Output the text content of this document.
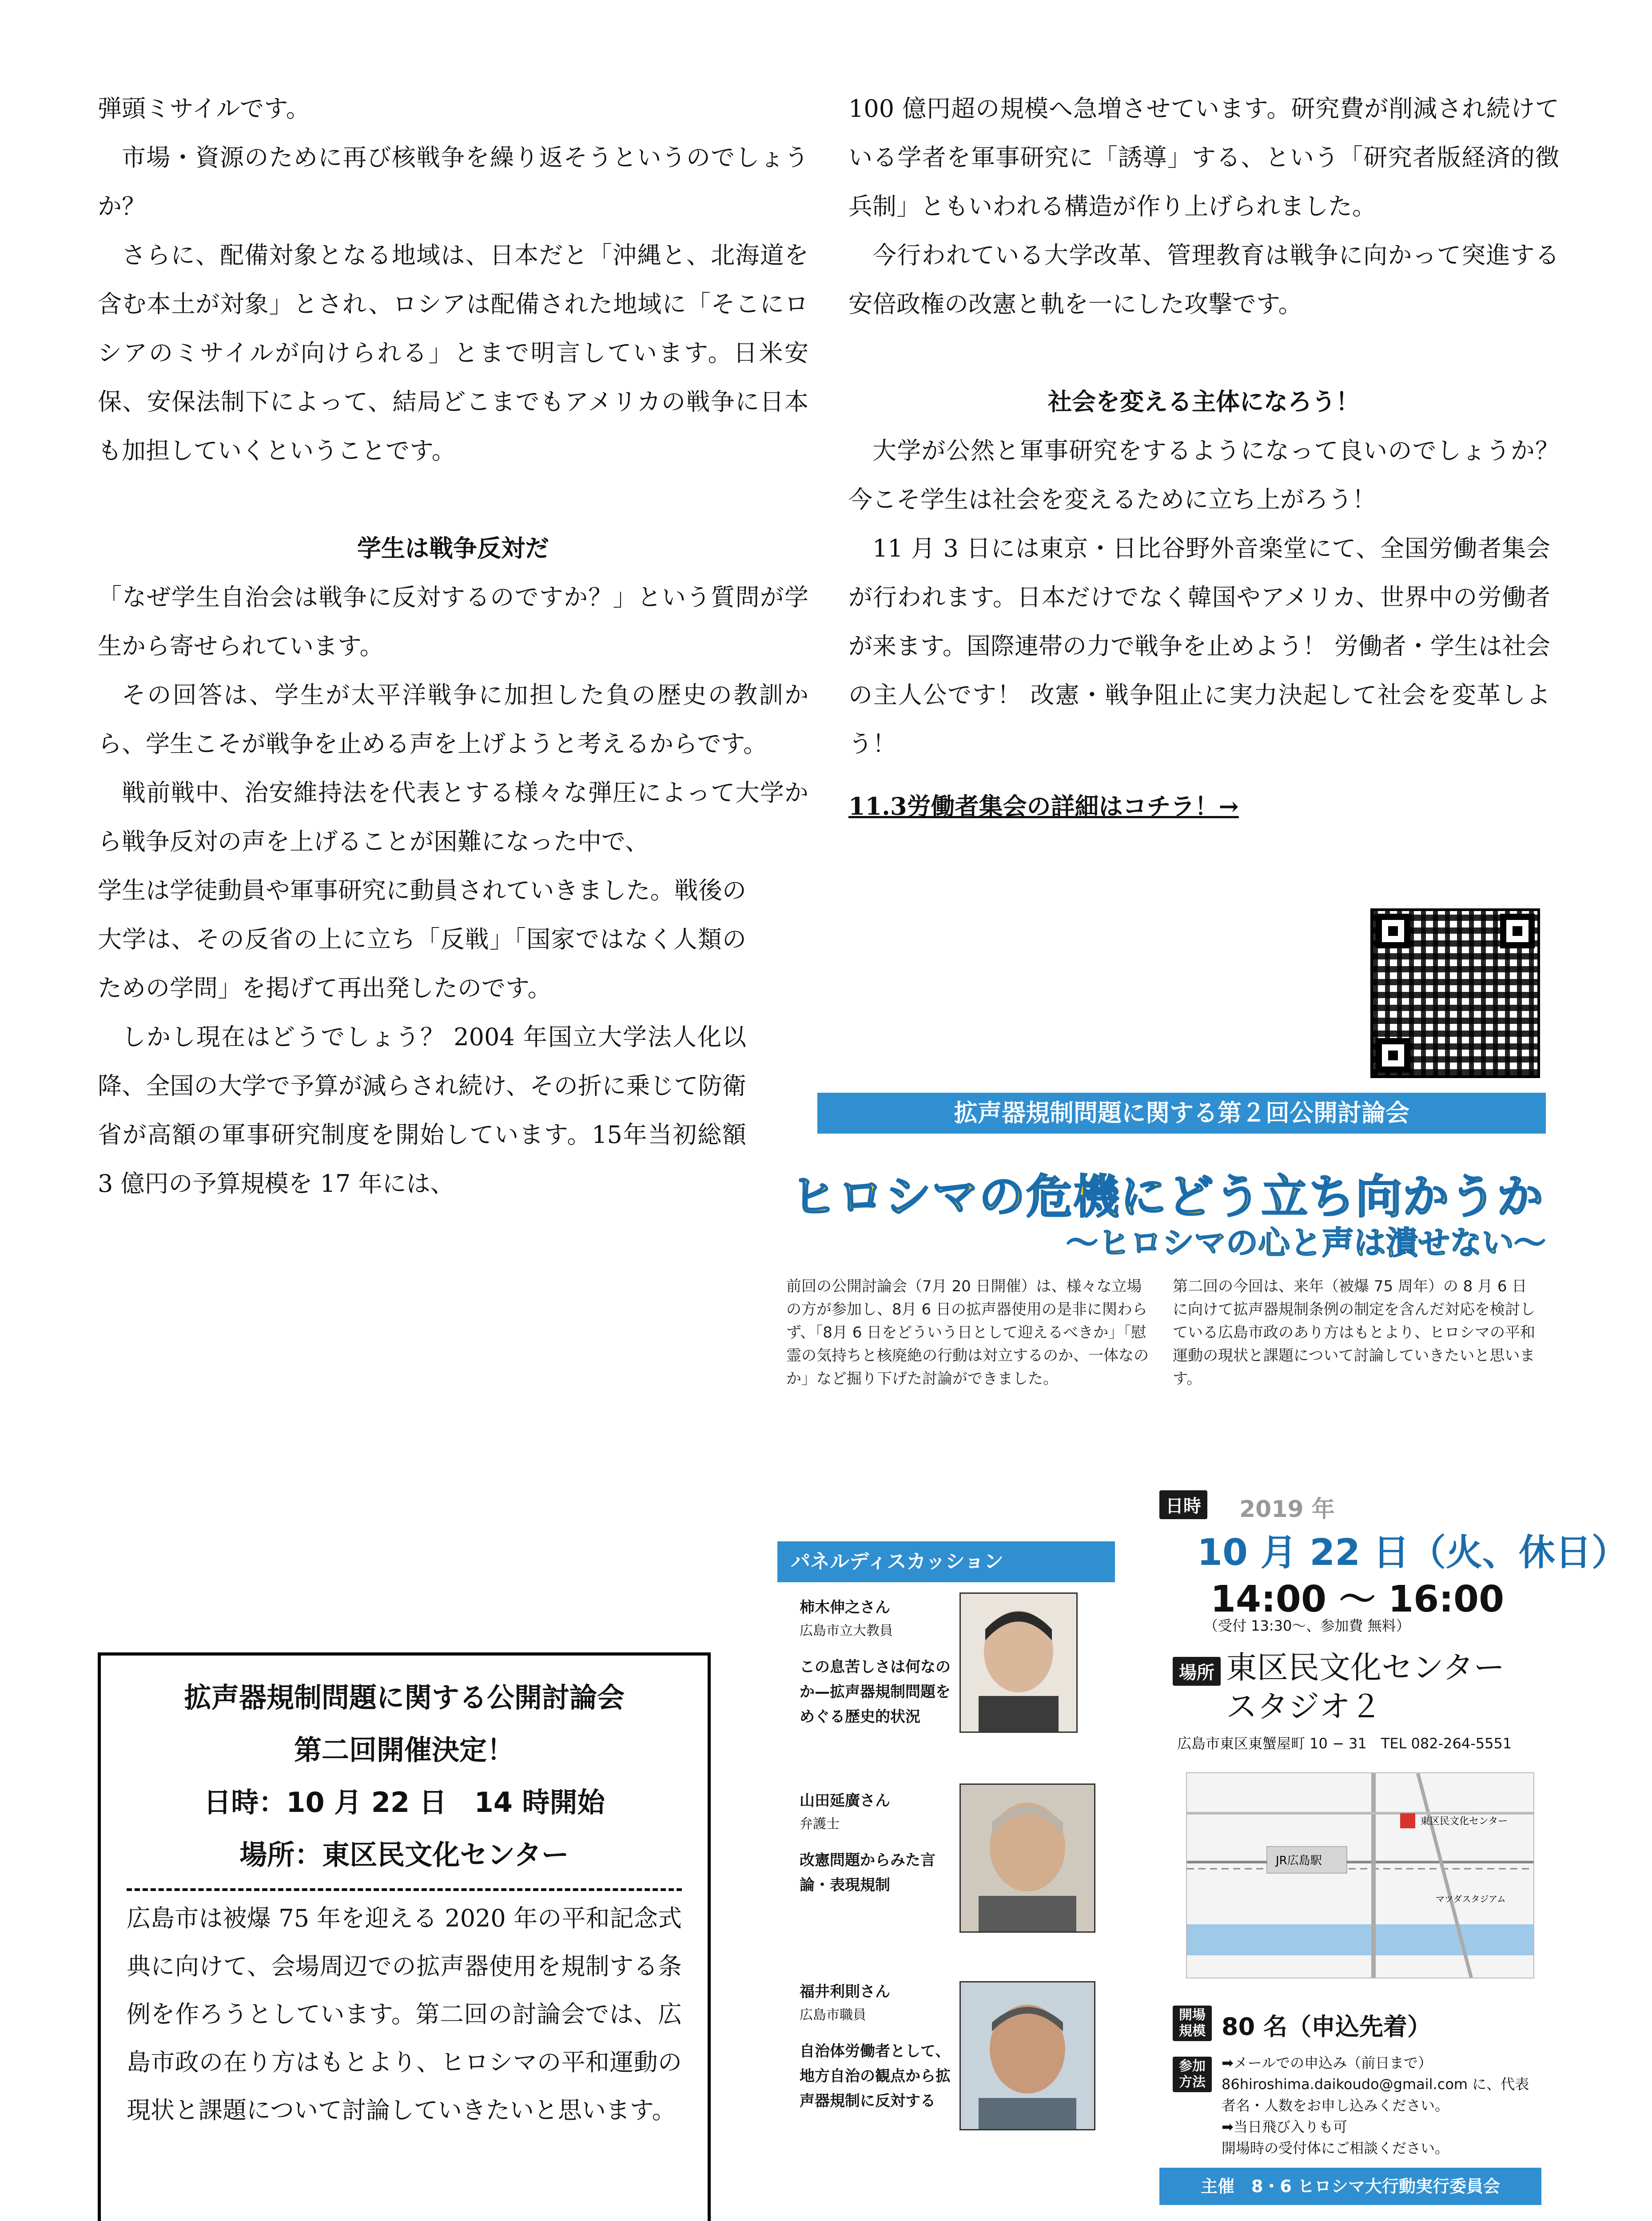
弾頭ミサイルです。

市場・資源のために再び核戦争を繰り返そうというのでしょうか？

さらに、配備対象となる地域は、日本だと「沖縄と、北海道を含む本土が対象」とされ、ロシアは配備された地域に「そこにロシアのミサイルが向けられる」とまで明言しています。日米安保、安保法制下によって、結局どこまでもアメリカの戦争に日本も加担していくということです。

学生は戦争反対だ

「なぜ学生自治会は戦争に反対するのですか？」という質問が学生から寄せられています。

その回答は、学生が太平洋戦争に加担した負の歴史の教訓から、学生こそが戦争を止める声を上げようと考えるからです。

戦前戦中、治安維持法を代表とする様々な弾圧によって大学から戦争反対の声を上げることが困難になった中で、

学生は学徒動員や軍事研究に動員されていきました。戦後の大学は、その反省の上に立ち「反戦」「国家ではなく人類のための学問」を掲げて再出発したのです。

しかし現在はどうでしょう？ 2004 年国立大学法人化以降、全国の大学で予算が減らされ続け、その折に乗じて防衛省が高額の軍事研究制度を開始しています。15年当初総額 3 億円の予算規模を 17 年には、

100 億円超の規模へ急増させています。研究費が削減され続けている学者を軍事研究に「誘導」する、という「研究者版経済的徴兵制」ともいわれる構造が作り上げられました。

今行われている大学改革、管理教育は戦争に向かって突進する安倍政権の改憲と軌を一にした攻撃です。

社会を変える主体になろう！

大学が公然と軍事研究をするようになって良いのでしょうか？ 今こそ学生は社会を変えるために立ち上がろう！

11 月 3 日には東京・日比谷野外音楽堂にて、全国労働者集会が行われます。日本だけでなく韓国やアメリカ、世界中の労働者が来ます。国際連帯の力で戦争を止めよう！ 労働者・学生は社会の主人公です！ 改憲・戦争阻止に実力決起して社会を変革しよう！

11.3労働者集会の詳細はコチラ！→

拡声器規制問題に関する公開討論会
第二回開催決定！
日時：10 月 22 日　14 時開始
場所：東区民文化センター
広島市は被爆 75 年を迎える 2020 年の平和記念式典に向けて、会場周辺での拡声器使用を規制する条例を作ろうとしています。第二回の討論会では、広島市政の在り方はもとより、ヒロシマの平和運動の現状と課題について討論していきたいと思います。
拡声器規制問題に関する第２回公開討論会
ヒロシマの危機にどう立ち向かうか
〜ヒロシマの心と声は潰せない〜
前回の公開討論会（7月 20 日開催）は、様々な立場の方が参加し、8月 6 日の拡声器使用の是非に関わらず、「8月 6 日をどういう日として迎えるべきか」「慰霊の気持ちと核廃絶の行動は対立するのか、一体なのか」など掘り下げた討論ができました。
第二回の今回は、来年（被爆 75 周年）の 8 月 6 日に向けて拡声器規制条例の制定を含んだ対応を検討している広島市政のあり方はもとより、ヒロシマの平和運動の現状と課題について討論していきたいと思います。
パネルディスカッション
柿木伸之さん
広島市立大教員
この息苦しさは何なのか—拡声器規制問題をめぐる歴史的状況
山田延廣さん
弁護士
改憲問題からみた言論・表現規制
福井利則さん
広島市職員
自治体労働者として、地方自治の観点から拡声器規制に反対する
日時 2019 年
10 月 22 日（火、休日）
14:00 〜 16:00
（受付 13:30〜、参加費 無料）
場所 東区民文化センター
スタジオ２
広島市東区東蟹屋町 10 − 31　TEL 082-264-5551
JR広島駅
東区民文化センター
マツダスタジアム
開場規模 80 名（申込先着）
参加方法
➡メールでの申込み（前日まで）
86hiroshima.daikoudo@gmail.com に、代表者名・人数をお申し込みください。
➡当日飛び入りも可
開場時の受付体にご相談ください。
主催　8・6 ヒロシマ大行動実行委員会
